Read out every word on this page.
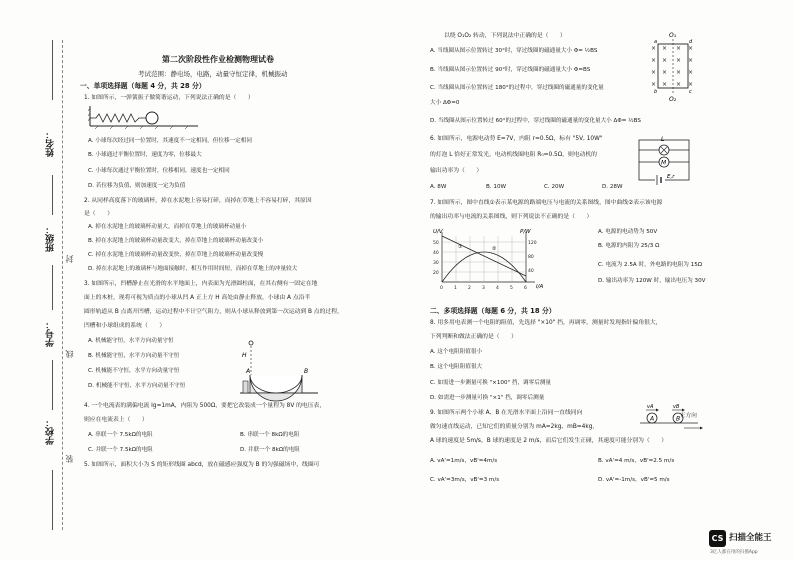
姓名：
班级：
封
学号：
线
学校：
装
第二次阶段性作业检测物理试卷
考试范围：静电场，电路，动量守恒定律，机械振动
一、单项选择题（每题 4 分，共 28 分）
1. 如图所示，一弹簧振子做简谐运动，下列说法正确的是（　　）
A. 小球每次经过同一位置时，其速度不一定相同，但位移一定相同
B. 小球通过平衡位置时，速度为零，位移最大
C. 小球每次通过平衡位置时，位移相同，速度也一定相同
D. 若位移为负值，则加速度一定为负值
2. 从同样高度落下的玻璃杯，掉在水泥地上容易打碎，而掉在草地上不容易打碎，其原因
是（　　）
A. 掉在水泥地上的玻璃杯动量大，而掉在草地上的玻璃杯动量小
B. 掉在水泥地上的玻璃杯动量改变大，掉在草地上的玻璃杯动量改变小
C. 掉在水泥地上的玻璃杯动量改变快，掉在草地上的玻璃杯动量改变慢
D. 掉在水泥地上的玻璃杯与地面接触时，相互作用时间短，而掉在草地上的冲量较大
3. 如图所示，凹槽静止在光滑的水平地面上，内表面为光滑圆柱面，在其右侧有一固定在地
面上的木桩，现将可视为质点的小球从凹 A 正上方 H 高处由静止释放，小球由 A 点沿半
圆形轨道从 B 点离开凹槽，运动过程中不计空气阻力，则从小球从释放到第一次运动到 B 点的过程，
凹槽和小球组成的系统（　　）
A. 机械能守恒，水平方向动量守恒
B. 机械能守恒，水平方向动量不守恒
C. 机械能不守恒，水平方向动量守恒
D. 机械能不守恒，水平方向动量不守恒
H
A	B
4. 一个电流表的满偏电流 Ig=1mA，内阻为 500Ω，要把它改装成一个量程为 8V 的电压表，
则应在电流表上（　　）
A. 串联一个 7.5kΩ的电阻	B. 串联一个 8kΩ的电阻
C. 并联一个 7.5kΩ的电阻	D. 并联一个 8kΩ的电阻
5. 如图所示，面积大小为 S 的矩形线圈 abcd，放在磁感应强度为 B 的匀强磁场中，线圈可
以绕 O₁O₂ 转动，下列说法中正确的是（　　）
A. 当线圈从图示位置转过 30°时，穿过线圈的磁通量大小 Φ= ½BS
B. 当线圈从图示位置转过 90°时，穿过线圈的磁通量大小 Φ=BS
C. 当线圈从图示位置转过 180°的过程中，穿过线圈的磁通量的变化量
大小 ΔΦ=0
D. 当线圈从图示位置转过 60°的过程中，穿过线圈的磁通量的变化量大小 ΔΦ= ½BS
O₁
× × × ×
× × × ×
× × × ×
× × × ×
a
b	c
d
O₂
6. 如图所示，电源电动势 E=7V，内阻 r=0.5Ω，标有 "5V, 10W"
的灯泡 L 恰好正常发光，电动机线圈电阻 R₀=0.5Ω，则电动机的
输出功率为（　　）
A. 8W	B. 10W	C. 20W	D. 28W
L
M
E,r
7. 如图所示，图中直线①表示某电源的路端电压与电流的关系图线，图中曲线②表示该电源
的输出功率与电流的关系图线，则下列说法不正确的是（　　）
U/V	P/W
I/A
50
40
30
20
120
80
40
0 1 2 3 4 5 6
①	②
A. 电源的电动势为 50V
B. 电源的内阻为 25/3 Ω
C. 电流为 2.5A 时，外电路的电阻为 15Ω
D. 输出功率为 120W 时，输出电压为 30V
二、多项选择题（每题 6 分，共 18 分）
8. 用多用电表测一个电阻的阻值，先选择 "×10" 挡，再调零，测量时发现指针偏角很大，
下列判断和做法正确的是（　　）
A. 这个电阻阻值很小
B. 这个电阻阻值很大
C. 如需进一步测量可换 "×100" 挡，调零后测量
D. 如需进一步测量可换 "×1" 挡，调零后测量
9. 如图所示两个小球 A、B 在光滑水平面上沿同一直线同向
做匀速直线运动，已知它们的质量分别为 mA=2kg、mB=4kg，
A 球的速度是 5m/s，B 球的速度是 2 m/s，而后它们发生正碰，其速度可能分别为（　　）
vA	vB
A	B 正方向
A. vA'=1m/s，vB'=4m/s	B. vA'=4 m/s，vB'=2.5 m/s
C. vA'=3m/s，vB'=3 m/s	D. vA'=-1m/s，vB'=5 m/s
CS 扫描全能王
3亿人都在用的扫描App
